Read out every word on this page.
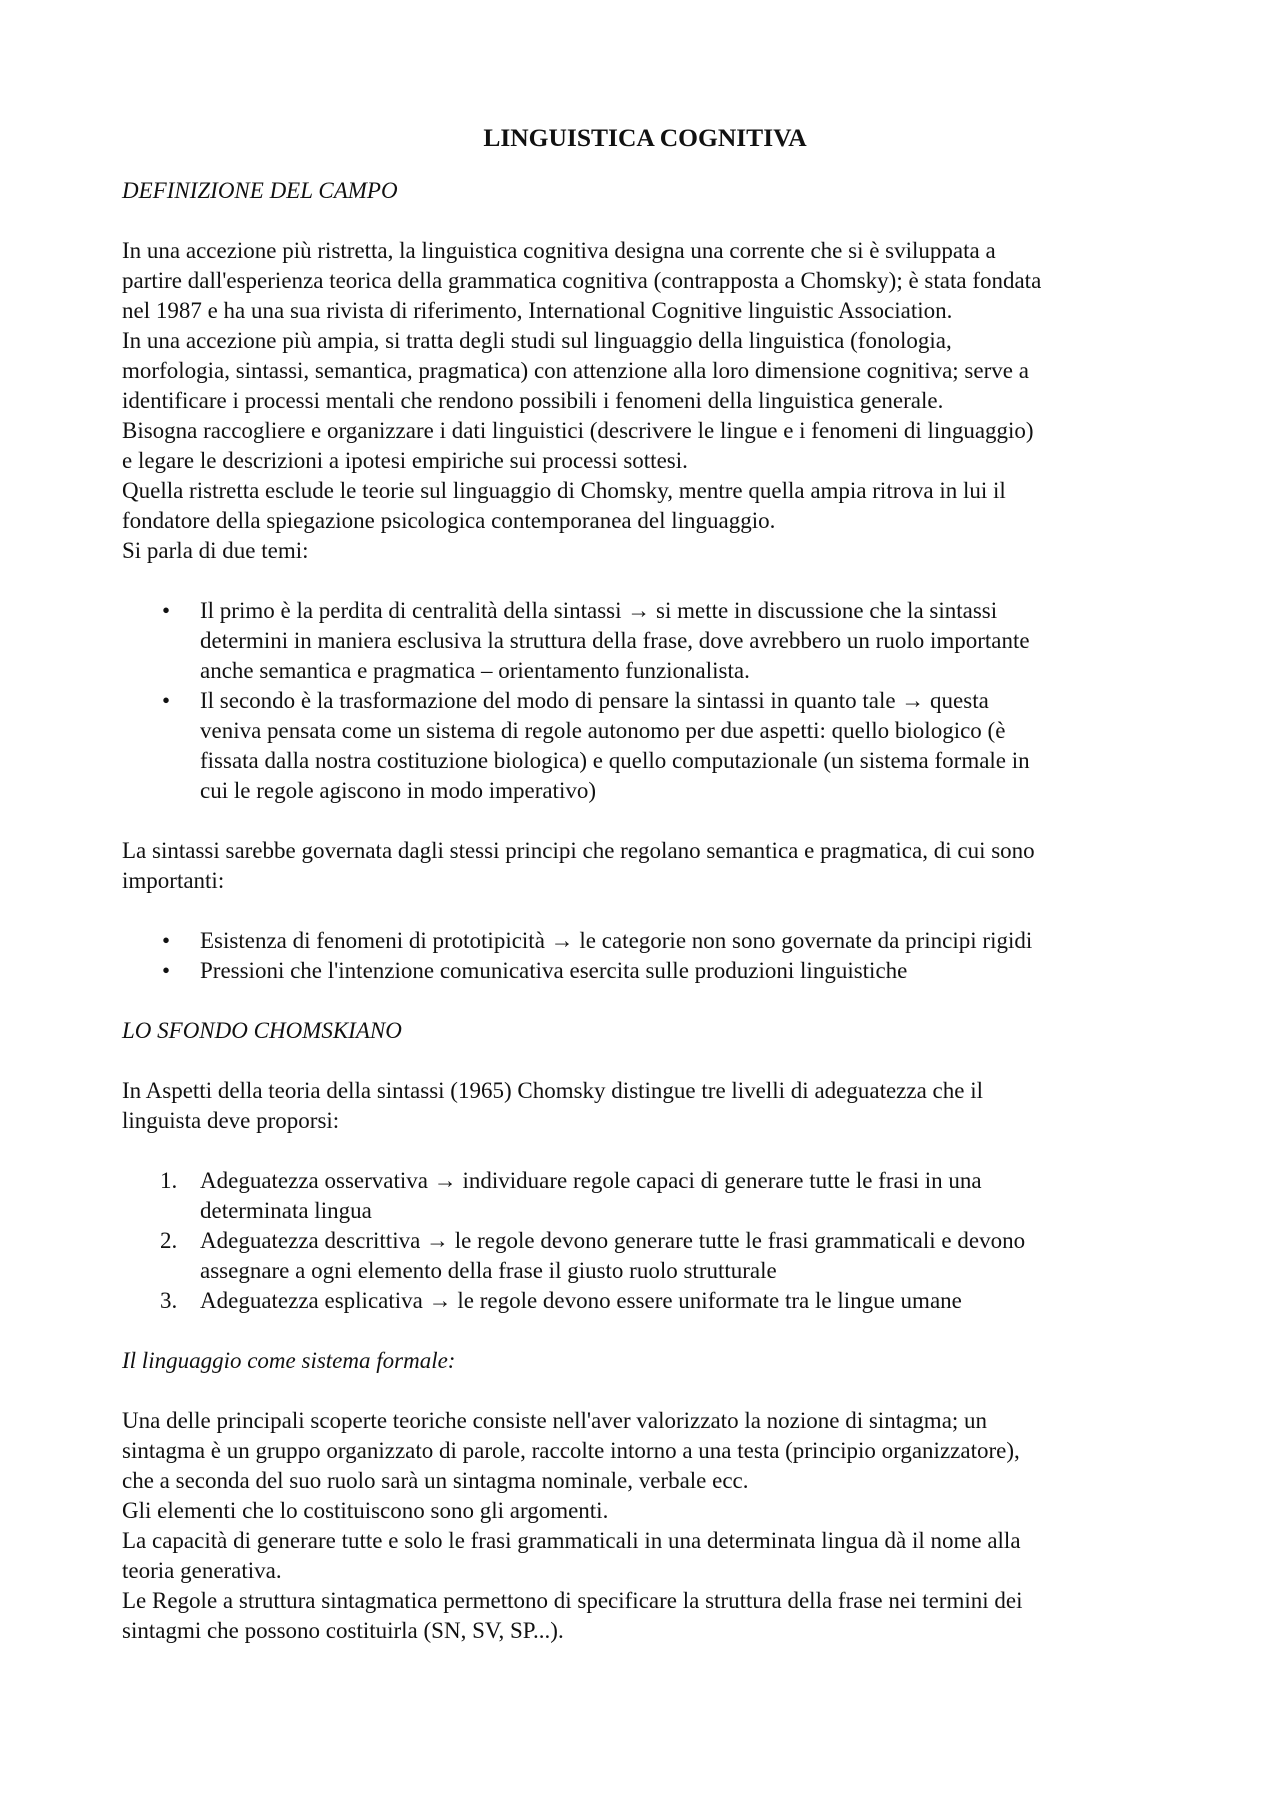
LINGUISTICA COGNITIVA
DEFINIZIONE DEL CAMPO

In una accezione più ristretta, la linguistica cognitiva designa una corrente che si è sviluppata a

partire dall'esperienza teorica della grammatica cognitiva (contrapposta a Chomsky); è stata fondata

nel 1987 e ha una sua rivista di riferimento, International Cognitive linguistic Association.

In una accezione più ampia, si tratta degli studi sul linguaggio della linguistica (fonologia,

morfologia, sintassi, semantica, pragmatica) con attenzione alla loro dimensione cognitiva; serve a

identificare i processi mentali che rendono possibili i fenomeni della linguistica generale.

Bisogna raccogliere e organizzare i dati linguistici (descrivere le lingue e i fenomeni di linguaggio)

e legare le descrizioni a ipotesi empiriche sui processi sottesi.

Quella ristretta esclude le teorie sul linguaggio di Chomsky, mentre quella ampia ritrova in lui il

fondatore della spiegazione psicologica contemporanea del linguaggio.

Si parla di due temi:

•	Il primo è la perdita di centralità della sintassi → si mette in discussione che la sintassi

determini in maniera esclusiva la struttura della frase, dove avrebbero un ruolo importante

anche semantica e pragmatica – orientamento funzionalista.

•	Il secondo è la trasformazione del modo di pensare la sintassi in quanto tale → questa

veniva pensata come un sistema di regole autonomo per due aspetti: quello biologico (è

fissata dalla nostra costituzione biologica) e quello computazionale (un sistema formale in

cui le regole agiscono in modo imperativo)

La sintassi sarebbe governata dagli stessi principi che regolano semantica e pragmatica, di cui sono

importanti:

•	Esistenza di fenomeni di prototipicità → le categorie non sono governate da principi rigidi

•	Pressioni che l'intenzione comunicativa esercita sulle produzioni linguistiche

LO SFONDO CHOMSKIANO

In Aspetti della teoria della sintassi (1965) Chomsky distingue tre livelli di adeguatezza che il

linguista deve proporsi:

1. Adeguatezza osservativa → individuare regole capaci di generare tutte le frasi in una

determinata lingua

2. Adeguatezza descrittiva → le regole devono generare tutte le frasi grammaticali e devono

assegnare a ogni elemento della frase il giusto ruolo strutturale

3. Adeguatezza esplicativa → le regole devono essere uniformate tra le lingue umane

Il linguaggio come sistema formale:

Una delle principali scoperte teoriche consiste nell'aver valorizzato la nozione di sintagma; un

sintagma è un gruppo organizzato di parole, raccolte intorno a una testa (principio organizzatore),

che a seconda del suo ruolo sarà un sintagma nominale, verbale ecc.

Gli elementi che lo costituiscono sono gli argomenti.

La capacità di generare tutte e solo le frasi grammaticali in una determinata lingua dà il nome alla

teoria generativa.

Le Regole a struttura sintagmatica permettono di specificare la struttura della frase nei termini dei

sintagmi che possono costituirla (SN, SV, SP...).
